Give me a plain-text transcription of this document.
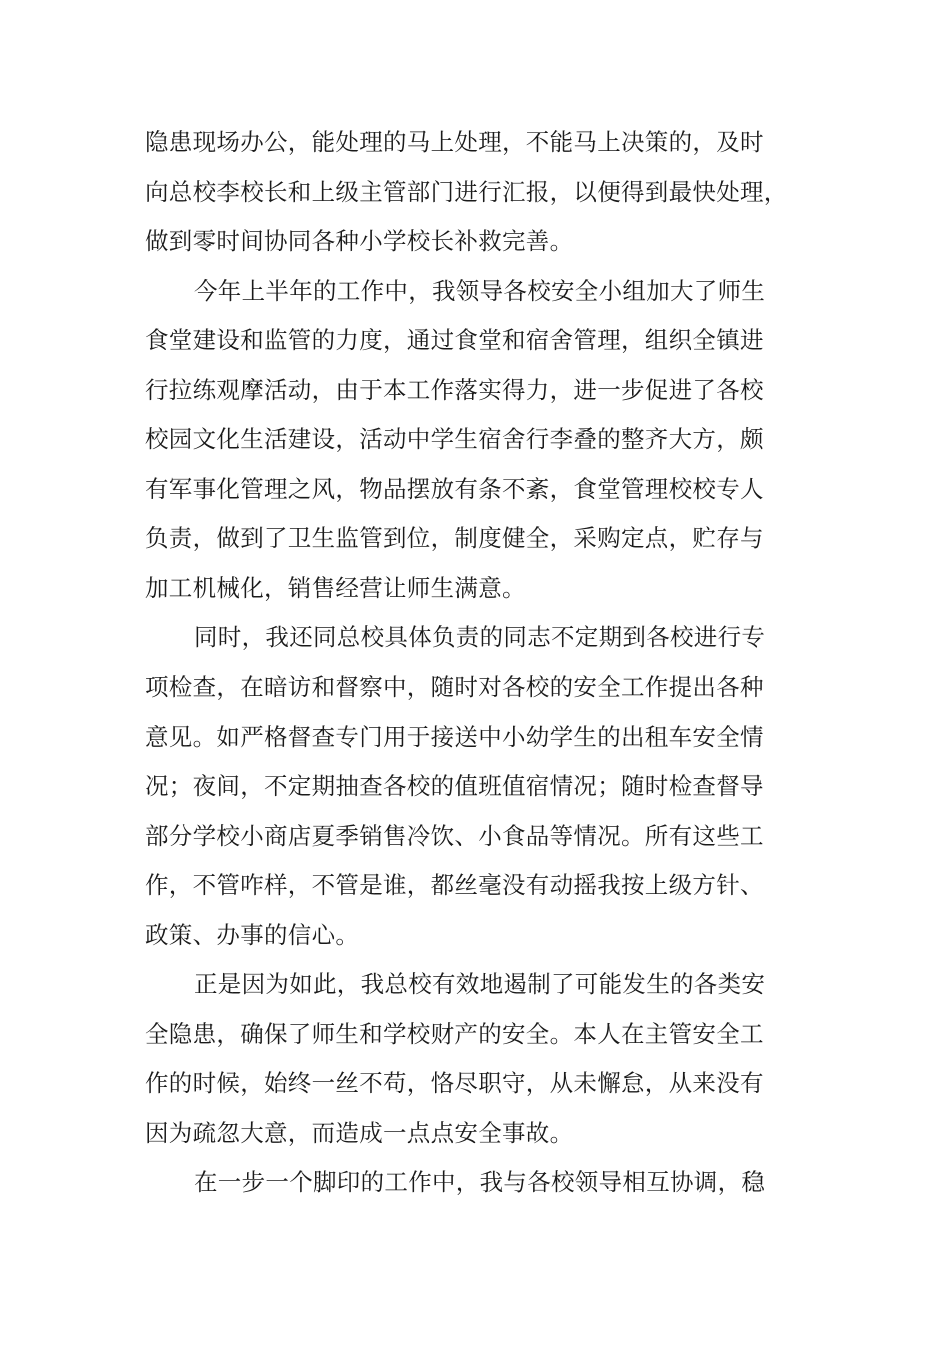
隐患现场办公，能处理的马上处理，不能马上决策的，及时
向总校李校长和上级主管部门进行汇报，以便得到最快处理，
做到零时间协同各种小学校长补救完善。
今年上半年的工作中，我领导各校安全小组加大了师生
食堂建设和监管的力度，通过食堂和宿舍管理，组织全镇进
行拉练观摩活动，由于本工作落实得力，进一步促进了各校
校园文化生活建设，活动中学生宿舍行李叠的整齐大方，颇
有军事化管理之风，物品摆放有条不紊，食堂管理校校专人
负责，做到了卫生监管到位，制度健全，采购定点，贮存与
加工机械化，销售经营让师生满意。
同时，我还同总校具体负责的同志不定期到各校进行专
项检查，在暗访和督察中，随时对各校的安全工作提出各种
意见。如严格督查专门用于接送中小幼学生的出租车安全情
况；夜间，不定期抽查各校的值班值宿情况；随时检查督导
部分学校小商店夏季销售冷饮、小食品等情况。所有这些工
作，不管咋样，不管是谁，都丝毫没有动摇我按上级方针、
政策、办事的信心。
正是因为如此，我总校有效地遏制了可能发生的各类安
全隐患，确保了师生和学校财产的安全。本人在主管安全工
作的时候，始终一丝不苟，恪尽职守，从未懈怠，从来没有
因为疏忽大意，而造成一点点安全事故。
在一步一个脚印的工作中，我与各校领导相互协调，稳
